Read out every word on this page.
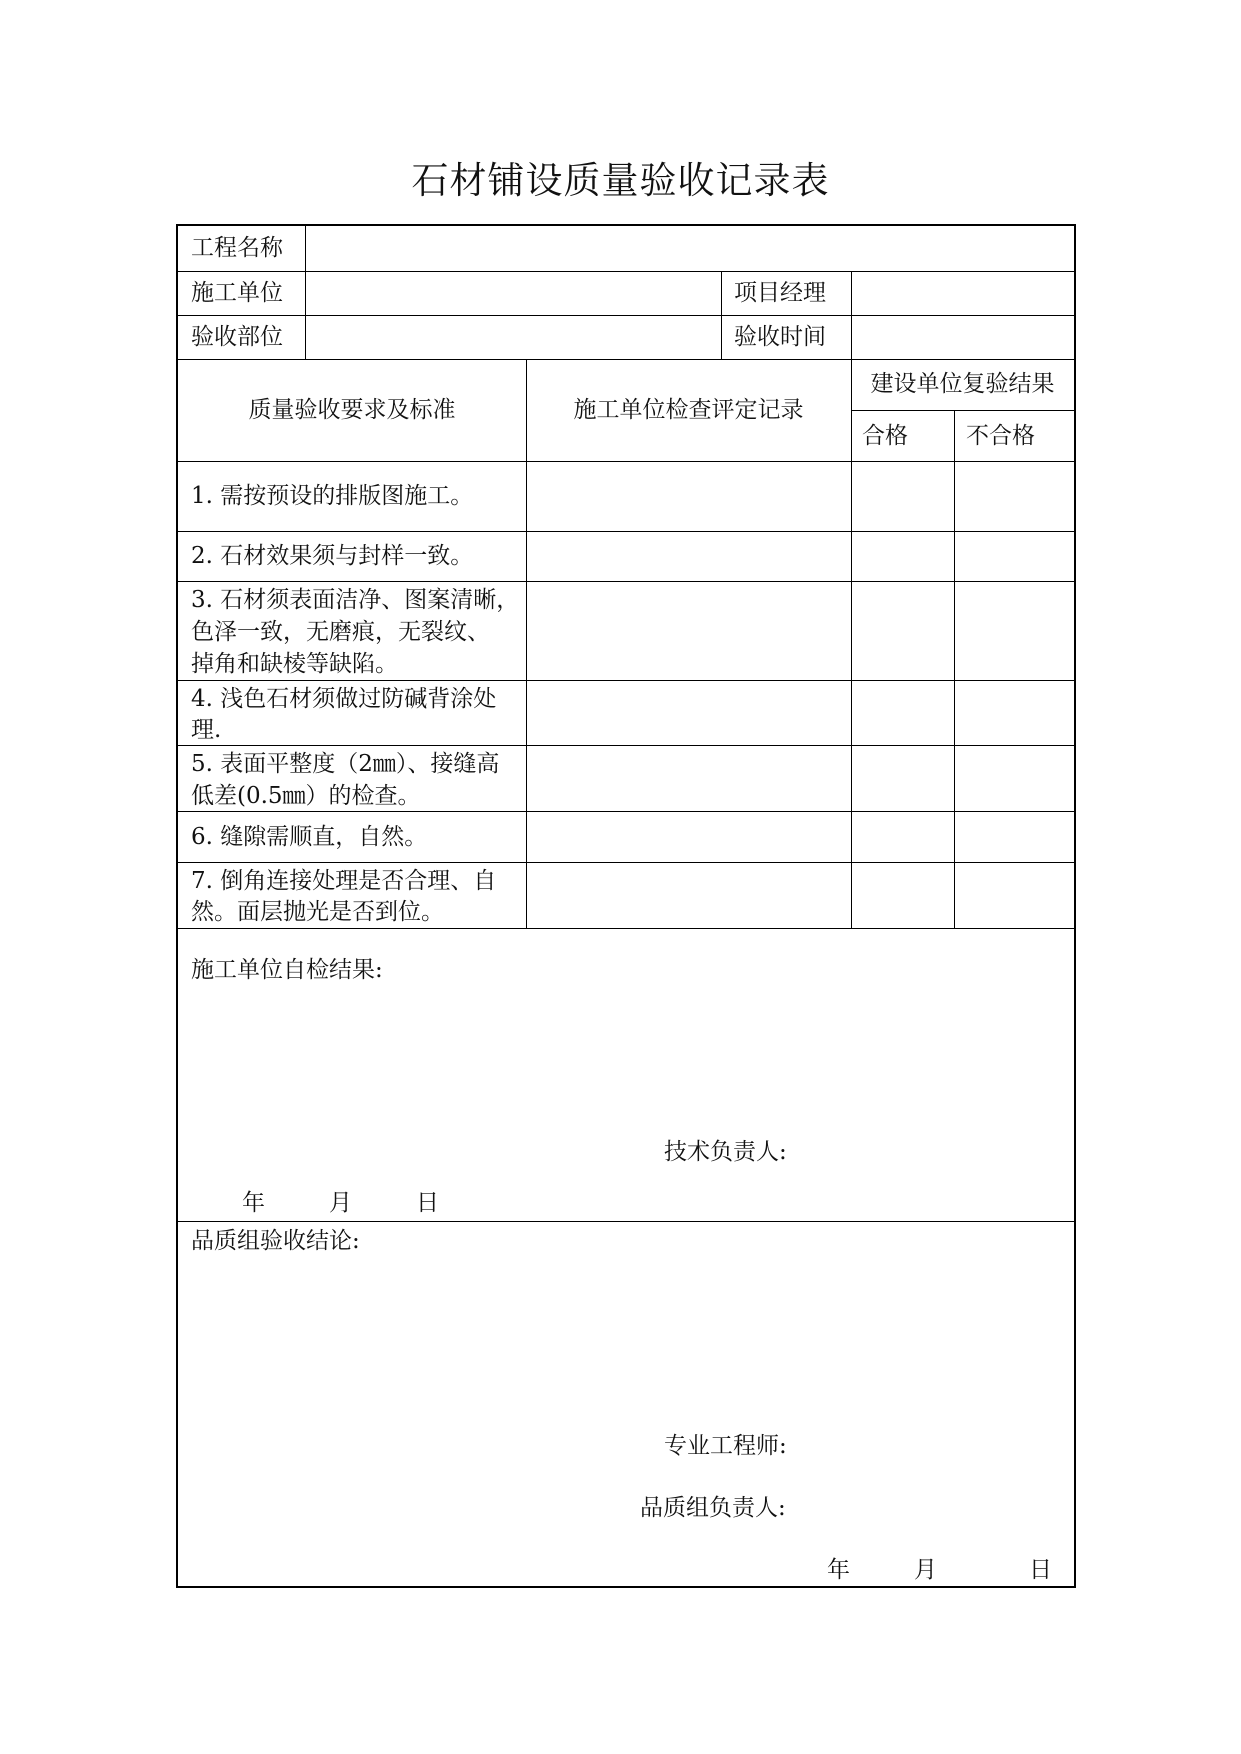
石材铺设质量验收记录表
工程名称
施工单位	项目经理
验收部位	验收时间
质量验收要求及标准	施工单位检查评定记录
建设单位复验结果
合格	不合格
1. 需按预设的排版图施工。
2. 石材效果须与封样一致。
3. 石材须表面洁净、图案清晰，
色泽一致，无磨痕，无裂纹、
掉角和缺棱等缺陷。
4. 浅色石材须做过防碱背涂处
理.
5. 表面平整度（2㎜）、接缝高
低差(0.5㎜）的检查。
6. 缝隙需顺直，自然。
7. 倒角连接处理是否合理、自
然。面层抛光是否到位。
施工单位自检结果:
技术负责人:
年	月	日
品质组验收结论:
专业工程师:
品质组负责人:
年	月	日
